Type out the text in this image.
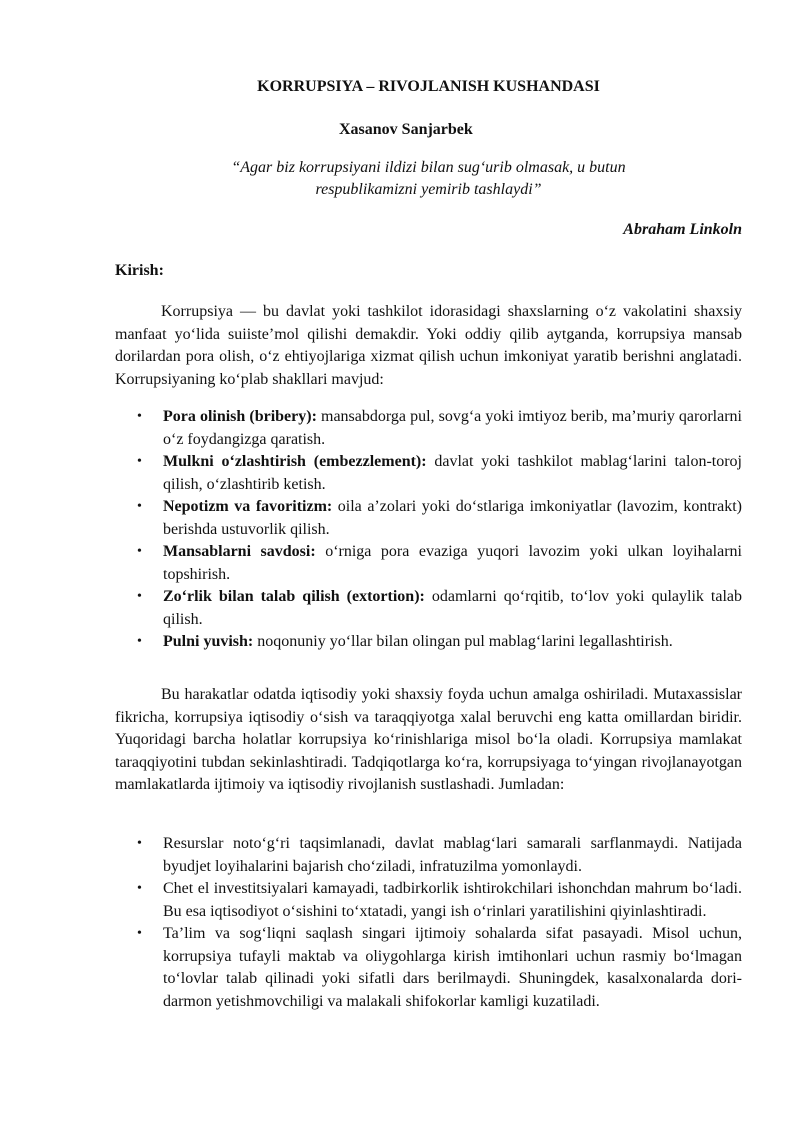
KORRUPSIYA – RIVOJLANISH KUSHANDASI
Xasanov Sanjarbek
“Agar biz korrupsiyani ildizi bilan sug‘urib olmasak, u butun
respublikamizni yemirib tashlaydi”
Abraham Linkoln
Kirish:
Korrupsiya — bu davlat yoki tashkilot idorasidagi shaxslarning o‘z vakolatini shaxsiy manfaat yo‘lida suiiste’mol qilishi demakdir. Yoki oddiy qilib aytganda, korrupsiya mansab dorilardan pora olish, o‘z ehtiyojlariga xizmat qilish uchun imkoniyat yaratib berishni anglatadi. Korrupsiyaning ko‘plab shakllari mavjud:
• Pora olinish (bribery): mansabdorga pul, sovg‘a yoki imtiyoz berib, ma’muriy qarorlarni o‘z foydangizga qaratish.
• Mulkni o‘zlashtirish (embezzlement): davlat yoki tashkilot mablag‘larini talon-toroj qilish, o‘zlashtirib ketish.
• Nepotizm va favoritizm: oila a’zolari yoki do‘stlariga imkoniyatlar (lavozim, kontrakt) berishda ustuvorlik qilish.
• Mansablarni savdosi: o‘rniga pora evaziga yuqori lavozim yoki ulkan loyihalarni topshirish.
• Zo‘rlik bilan talab qilish (extortion): odamlarni qo‘rqitib, to‘lov yoki qulaylik talab qilish.
• Pulni yuvish: noqonuniy yo‘llar bilan olingan pul mablag‘larini legallashtirish.
Bu harakatlar odatda iqtisodiy yoki shaxsiy foyda uchun amalga oshiriladi. Mutaxassislar fikricha, korrupsiya iqtisodiy o‘sish va taraqqiyotga xalal beruvchi eng katta omillardan biridir. Yuqoridagi barcha holatlar korrupsiya ko‘rinishlariga misol bo‘la oladi. Korrupsiya mamlakat taraqqiyotini tubdan sekinlashtiradi. Tadqiqotlarga ko‘ra, korrupsiyaga to‘yingan rivojlanayotgan mamlakatlarda ijtimoiy va iqtisodiy rivojlanish sustlashadi. Jumladan:
• Resurslar noto‘g‘ri taqsimlanadi, davlat mablag‘lari samarali sarflanmaydi. Natijada byudjet loyihalarini bajarish cho‘ziladi, infratuzilma yomonlaydi.
• Chet el investitsiyalari kamayadi, tadbirkorlik ishtirokchilari ishonchdan mahrum bo‘ladi. Bu esa iqtisodiyot o‘sishini to‘xtatadi, yangi ish o‘rinlari yaratilishini qiyinlashtiradi.
• Ta’lim va sog‘liqni saqlash singari ijtimoiy sohalarda sifat pasayadi. Misol uchun, korrupsiya tufayli maktab va oliygohlarga kirish imtihonlari uchun rasmiy bo‘lmagan to‘lovlar talab qilinadi yoki sifatli dars berilmaydi. Shuningdek, kasalxonalarda dori-darmon yetishmovchiligi va malakali shifokorlar kamligi kuzatiladi.
